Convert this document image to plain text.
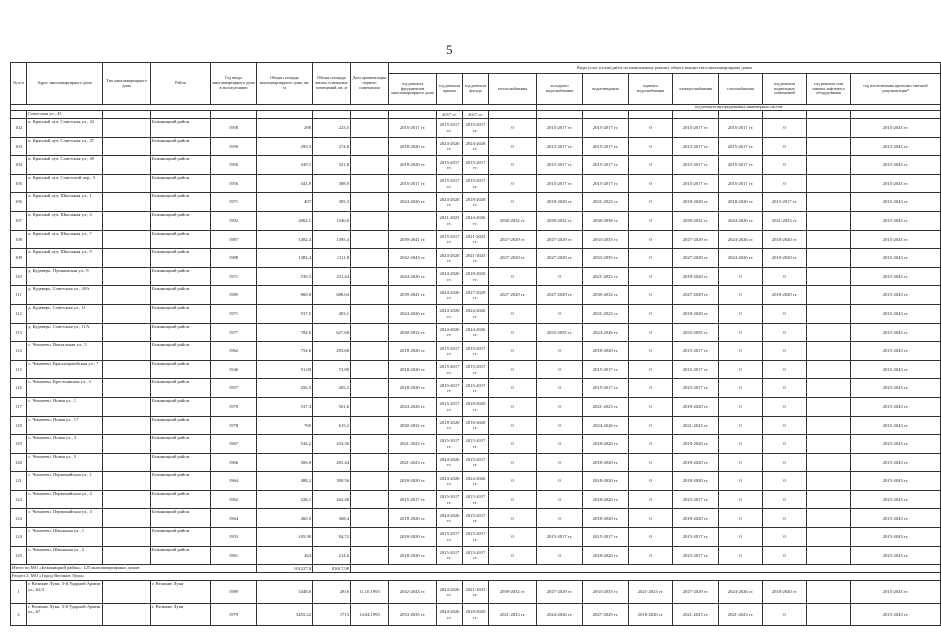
5
№ п/п	Адрес многоквартирного дома	Тип многоквартирного дома	Район	Год ввода многоквартирного дома в эксплуатацию	Общая площадь многоквартирного дома, кв. м	Общая площадь жилых и нежилых помещений, кв. м	Дата приватизации первого помещения	Виды услуг и (или) работ по капитальному ремонту общего имущества в многоквартирных домах											
								год ремонта фундаментов многоквартирного дома	год ремонта крыши	год ремонта фасада	теплоснабжения	холодного водоснабжения	водоотведения	горячего водоснабжения	электроснабжения	газоснабжения	год ремонта подвальных помещений	год ремонта или замены лифтового оборудования	год изготовления проектно-сметной документации*
												год ремонта внутридомовых инженерных систем							
	Советская ул., 43								2017 гг.	2017 гг.									
102	п. Красный луч, Советская ул., 43		Бежаницкий район	1958	298	223,5		2015-2017 гг.	2015-2017 гг.	2015-2017 гг.	0	2015-2017 гг.	2015-2017 гг.	0	2015-2017 гг.	2015-2017 гг.	0		2015-2043 гг.
103	п. Красный луч, Советская ул., 47		Бежаницкий район	1959	293,5	274,8		2018-2020 гг.	2024-2026 гг.	2024-2026 гг.	0	2015-2017 гг.	2015-2017 гг.	0	2015-2017 гг.	2015-2017 гг.	0		2015-2043 гг.
104	п. Красный луч, Советская ул., 49		Бежаницкий район	1956	439,1	321,8		2018-2020 гг.	2015-2017 гг.	2015-2017 гг.	0	2015-2017 гг.	2015-2017 гг.	0	2015-2017 гг.	2015-2017 гг.	0		2015-2043 гг.
105	п. Красный луч, Советский пер., 3		Бежаницкий район	1956	441,9	308,9		2015-2017 гг.	2015-2017 гг.	2015-2017 гг.	0	2015-2017 гг.	2015-2017 гг.	0	2015-2017 гг.	2015-2017 гг.	0		2015-2043 гг.
106	п. Красный луч, Школьная ул., 1		Бежаницкий район	1971	407	305,3		2024-2026 гг.	2024-2026 гг.	2018-2020 гг.	0	2018-2020 гг.	2021-2023 гг.	0	2018-2020 гг.	2018-2020 гг.	2015-2017 гг.		2015-2043 гг.
107	п. Красный луч, Школьная ул., 3		Бежаницкий район	1992	2062,1	1546,6			2021-2023 гг.	2024-2026 гг.	2030-2032 гг.	2030-2032 гг.	2036-2038 гг.	0	2030-2032 гг.	2024-2026 гг.	2021-2023 гг.		2015-2043 гг.
108	п. Красный луч, Школьная ул., 7		Бежаницкий район	1987	1482,4	1395,4		2039-2041 гг.	2015-2017 гг.	2021-2023 гг.	2027-2029 гг.	2027-2029 гг.	2033-2035 гг.	0	2027-2029 гг.	2024-2026 гг.	2018-2020 гг.		2015-2043 гг.
109	п. Красный луч, Школьная ул., 9		Бежаницкий район	1988	1482,4	1111,8		2042-2043 гг.	2024-2026 гг.	2021-2023 гг.	2027-2029 гг.	2027-2029 гг.	2033-2035 гг.	0	2027-2029 гг.	2024-2026 гг.	2018-2020 гг.		2015-2043 гг.
110	д. Кудеверь, Пушкинская ул., 9		Бежаницкий район	1971	539,3	431,44		2024-2026 гг.	2024-2026 гг.	2018-2020 гг.	0	0	2021-2023 гг.	0	2018-2020 гг.	0	0		2015-2043 гг.
111	д. Кудеверь, Советская ул., 20А		Бежаницкий район	1985	860,8	688,64		2039-2041 гг.	2024-2026 гг.	2027-2029 гг.	2027-2029 гг.	2027-2029 гг.	2030-2032 гг.	0	2027-2029 гг.	0	2018-2020 гг.		2015-2043 гг.
112	д. Кудеверь, Советская ул., 11		Бежаницкий район	1971	537,5	403,1		2024-2026 гг.	2024-2026 гг.	2024-2026 гг.	0	0	2021-2023 гг.	0	2018-2020 гг.	0	0		2015-2043 гг.
113	д. Кудеверь, Советская ул., 11А		Бежаницкий район	1977	784,6	627,68		2030-2032 гг.	2024-2026 гг.	2024-2026 гг.	0	2033-2035 гг.	2024-2026 гг.	0	2033-2035 гг.	0	0		2015-2043 гг.
114	с. Чихачево, Вокзальная ул., 5		Бежаницкий район	1962	754,6	293,68		2018-2020 гг.	2015-2017 гг.	2015-2017 гг.	0	0	2018-2020 гг.	0	2015-2017 гг.	0	0		2015-2043 гг.
115	с. Чихачево, Красноармейская ул., 7		Бежаницкий район	1946	91,00	72,80		2018-2020 гг.	2015-2017 гг.	2015-2017 гг.	0	0	2015-2017 гг.	0	2015-2017 гг.	0	0		2015-2043 гг.
116	с. Чихачево, Крестьянская ул., 3		Бежаницкий район	1957	256,5	205,2		2018-2020 гг.	2015-2017 гг.	2015-2017 гг.	0	0	2015-2017 гг.	0	2015-2017 гг.	0	0		2015-2043 гг.
117	с. Чихачево, Новая ул., 1		Бежаницкий район	1970	537,4	501,6		2024-2026 гг.	2015-2017 гг.	2018-2020 гг.	0	0	2021-2023 гг.	0	2018-2020 гг.	0	0		2015-2043 гг.
118	с. Чихачево, Новая ул., 17		Бежаницкий район	1978	769	615,2		2030-2032 гг.	2018-2020 гг.	2018-2020 гг.	0	0	2024-2026 гг.	0	2021-2023 гг.	0	0		2015-2043 гг.
119	с. Чихачево, Новая ул., 3		Бежаницкий район	1967	544,2	433,36		2021-2023 гг.	2015-2017 гг.	2015-2017 гг.	0	0	2018-2020 гг.	0	2018-2020 гг.	0	0		2015-2043 гг.
120	с. Чихачево, Новая ул., 5		Бежаницкий район	1966	506,8	405,44		2021-2023 гг.	2024-2026 гг.	2015-2017 гг.	0	0	2018-2020 гг.	0	2018-2020 гг.	0	0		2015-2043 гг.
121	с. Чихачево, Первомайская ул., 1		Бежаницкий район	1964	488,2	390,56		2018-2020 гг.	2024-2026 гг.	2024-2026 гг.	0	0	2018-2020 гг.	0	2018-2020 гг.	0	0		2015-2043 гг.
122	с. Чихачево, Первомайская ул., 2		Бежаницкий район	1962	328,1	262,48		2015-2017 гг.	2015-2017 гг.	2015-2017 гг.	0	0	2018-2020 гг.	0	2015-2017 гг.	0	0		2015-2043 гг.
123	с. Чихачево, Первомайская ул., 3		Бежаницкий район	1964	460,5	368,4		2018-2020 гг.	2024-2026 гг.	2015-2017 гг.	0	0	2018-2020 гг.	0	2018-2020 гг.	0	0		2015-2043 гг.
124	с. Чихачево, Школьная ул., 1		Бежаницкий район	1953	105,90	84,72		2018-2020 гг.	2015-2017 гг.	2015-2017 гг.	0	2015-2017 гг.	2015-2017 гг.	0	2015-2017 гг.	0	0		2015-2043 гг.
125	с. Чихачево, Школьная ул., 2		Бежаницкий район	1961	264	214,6		2018-2020 гг.	2015-2017 гг.	2015-2017 гг.	0	0	2018-2020 гг.	0	2015-2017 гг.	0	0		2015-2043 гг.
Итого по МО «Бежаницкий район»: 125 многоквартирных домов					101227,0	81617,98													
Раздел 2. МО «Город Великие Луки»																			
1	г. Великие Луки, 3-й Ударной Армии ул., 62/3		г. Великие Луки	1989	3448,6	2816	11.10.1993	2042-2043 гг.	2024-2026 гг.	2021-2023 гг.	2039-2032 гг.	2027-2029 гг.	2033-2035 гг.	2021-2023 гг.	2027-2029 гг.	2024-2026 гг.	2018-2020 гг.		2015-2043 гг.
2	г. Великие Луки, 3-й Ударной Армии ул., 67		г. Великие Луки	1979	3455,22	1713	14.04.1993	2033-2035 гг.	2024-2026 гг.	2018-2020 гг.	2021-2023 гг.	2024-2026 гг.	2027-2029 гг.	2018-2020 гг.	2021-2023 гг.	2021-2023 гг.	0		2015-2043 гг.
